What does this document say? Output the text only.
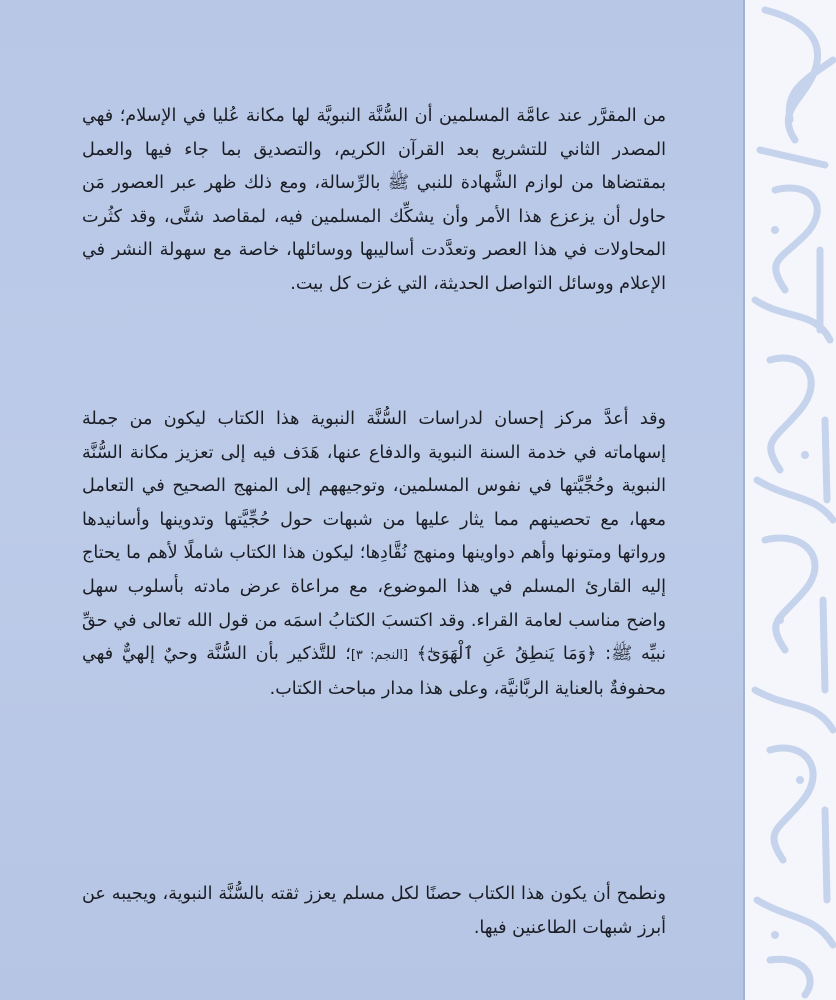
من المقرَّر عند عامَّة المسلمين أن السُّنَّة النبويَّة لها مكانة عُليا في الإسلام؛ فهي المصدر الثاني للتشريع بعد القرآن الكريم، والتصديق بما جاء فيها والعمل بمقتضاها من لوازم الشَّهادة للنبي ﷺ بالرِّسالة، ومع ذلك ظهر عبر العصور مَن حاول أن يزعزع هذا الأمر وأن يشكِّك المسلمين فيه، لمقاصد شتَّى، وقد كثُرت المحاولات في هذا العصر وتعدَّدت أساليبها ووسائلها، خاصة مع سهولة النشر في الإعلام ووسائل التواصل الحديثة، التي غزت كل بيت.

وقد أعدَّ مركز إحسان لدراسات السُّنَّة النبوية هذا الكتاب ليكون من جملة إسهاماته في خدمة السنة النبوية والدفاع عنها، هَدَف فيه إلى تعزيز مكانة السُّنَّة النبوية وحُجِّيَّتها في نفوس المسلمين، وتوجيههم إلى المنهج الصحيح في التعامل معها، مع تحصينهم مما يثار عليها من شبهات حول حُجِّيَّتها وتدوينها وأسانيدها ورواتها ومتونها وأهم دواوينها ومنهج نُقَّادِها؛ ليكون هذا الكتاب شاملًا لأهم ما يحتاج إليه القارئ المسلم في هذا الموضوع، مع مراعاة عرض مادته بأسلوب سهل واضح مناسب لعامة القراء. وقد اكتسبَ الكتابُ اسمَه من قول الله تعالى في حقِّ نبيِّه ﷺ: ﴿وَمَا يَنطِقُ عَنِ ٱلْهَوَىٰٓ﴾ [النجم: ٣]؛ للتَّذكير بأن السُّنَّة وحيٌ إلهيٌّ فهي محفوفةٌ بالعناية الربَّانيَّة، وعلى هذا مدار مباحث الكتاب.

ونطمح أن يكون هذا الكتاب حصنًا لكل مسلم يعزز ثقته بالسُّنَّة النبوية، ويجيبه عن أبرز شبهات الطاعنين فيها.
